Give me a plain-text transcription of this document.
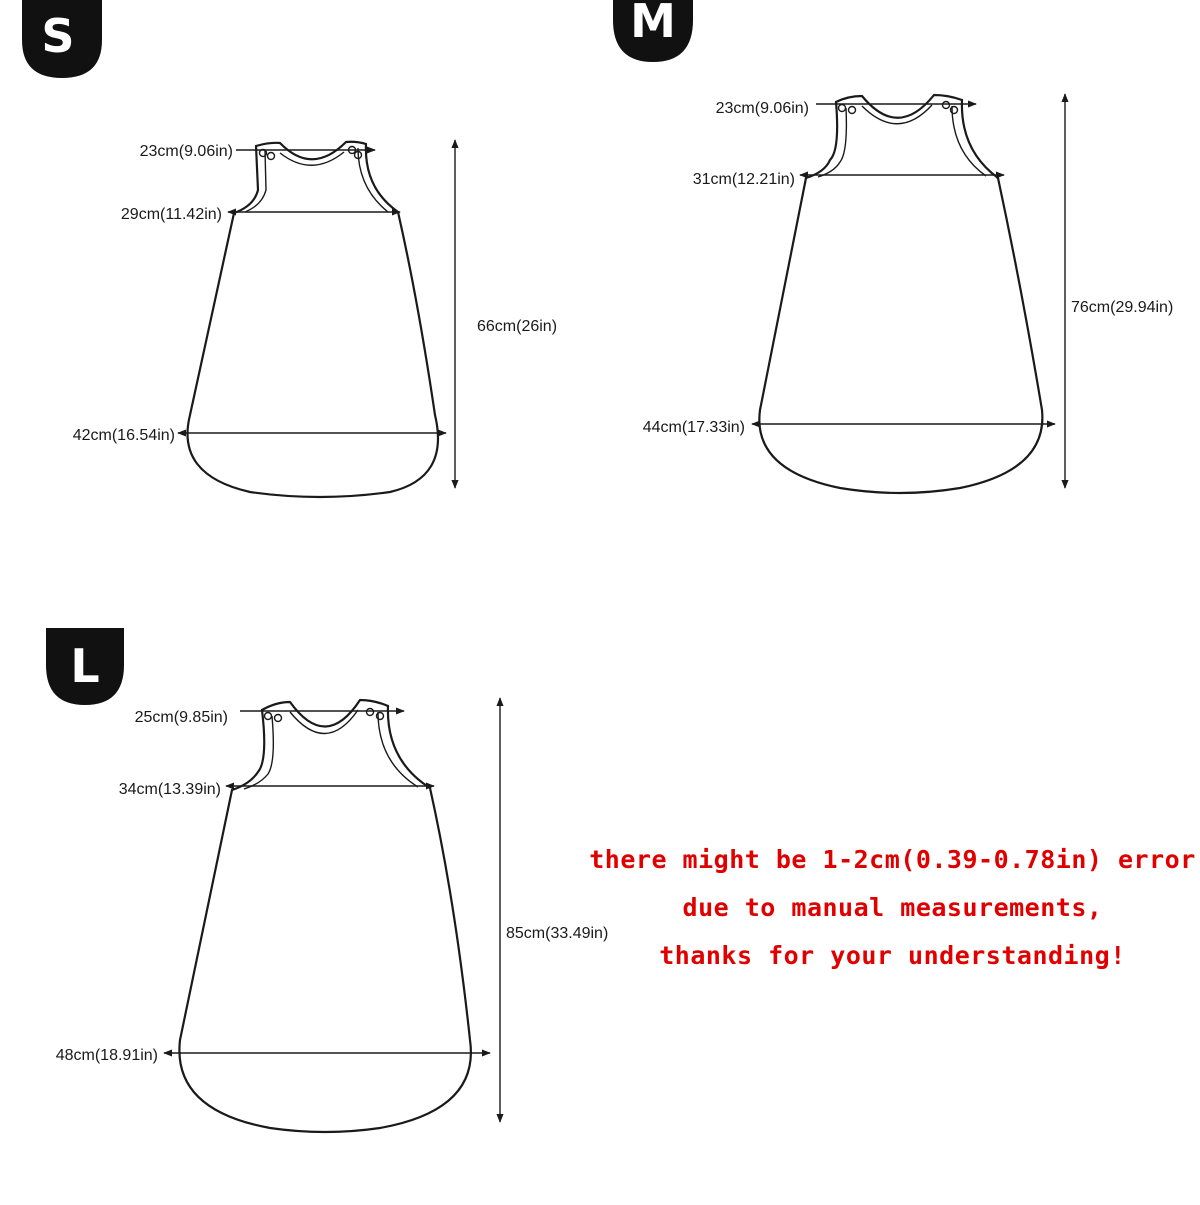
S
23cm(9.06in)
29cm(11.42in)
66cm(26in)
42cm(16.54in)
M
23cm(9.06in)
31cm(12.21in)
76cm(29.94in)
44cm(17.33in)
L
25cm(9.85in)
34cm(13.39in)
85cm(33.49in)
48cm(18.91in)
there might be 1-2cm(0.39-0.78in) error
due to manual measurements,
thanks for your understanding!
